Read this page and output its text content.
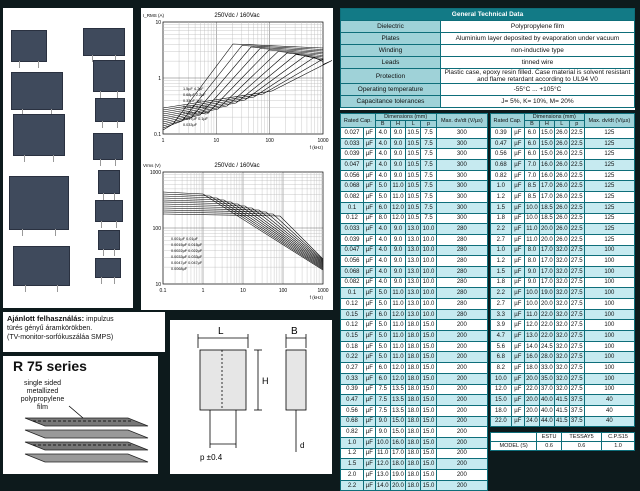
250Vdc / 160Vac
I_RMS (A)
10
1
0.1
1	10	100	1000
f (kHz)
1.5µF 4.7µF
0.68µF 2.2µF
0.33µF 1µF
0.15µF 0.47µF
0.068µF 0.22µF
0.047µF 0.1µF
0.033µF
250Vdc / 160Vac
Vrms (V)
1000
100
10
0.1	1	10	100	1000
f (kHz)
0.001µF 0.01µF
0.0015µF 0.015µF
0.0022µF 0.022µF
0.0033µF 0.033µF
0.0047µF 0.047µF
0.0068µF
Ajánlott felhasználás: impulzus
türés gényű áramkörökben.
(TV-monitor-sorfókuszáláa SMPS)
R 75 series
single sided
metallized
polypropylene
film
L	B
H
p ±0.4
d
General Technical Data	
Dielectric	Polypropylene film
Plates	Aluminium layer deposited by evaporation under vacuum
Winding	non-inductive type
Leads	tinned wire
Protection	Plastic case, epoxy resin filled. Case material is solvent resistant and flame retardant according to UL94 V0
Operating temperature	-55°C ... +105°C
Capacitance tolerances	J= 5%, K= 10%, M= 20%
Rated Cap.		Dimensions (mm)				Max. dv/dt (V/µs)
		B	H	L	p	
0.027	µF	4.0	9.0	10.5	7.5	300
0.033	µF	4.0	9.0	10.5	7.5	300
0.039	µF	4.0	9.0	10.5	7.5	300
0.047	µF	4.0	9.0	10.5	7.5	300
0.056	µF	4.0	9.0	10.5	7.5	300
0.068	µF	5.0	11.0	10.5	7.5	300
0.082	µF	5.0	11.0	10.5	7.5	300
0.1	µF	6.0	12.0	10.5	7.5	300
0.12	µF	8.0	12.0	10.5	7.5	300
0.033	µF	4.0	9.0	13.0	10.0	280
0.039	µF	4.0	9.0	13.0	10.0	280
0.047	µF	4.0	9.0	13.0	10.0	280
0.056	µF	4.0	9.0	13.0	10.0	280
0.068	µF	4.0	9.0	13.0	10.0	280
0.082	µF	4.0	9.0	13.0	10.0	280
0.1	µF	5.0	11.0	13.0	10.0	280
0.12	µF	5.0	11.0	13.0	10.0	280
0.15	µF	6.0	12.0	13.0	10.0	280
0.12	µF	5.0	11.0	18.0	15.0	200
0.15	µF	5.0	11.0	18.0	15.0	200
0.18	µF	5.0	11.0	18.0	15.0	200
0.22	µF	5.0	11.0	18.0	15.0	200
0.27	µF	6.0	12.0	18.0	15.0	200
0.33	µF	6.0	12.0	18.0	15.0	200
0.39	µF	7.5	13.5	18.0	15.0	200
0.47	µF	7.5	13.5	18.0	15.0	200
0.56	µF	7.5	13.5	18.0	15.0	200
0.68	µF	9.0	15.0	18.0	15.0	200
0.82	µF	9.0	15.0	18.0	15.0	200
1.0	µF	10.0	16.0	18.0	15.0	200
1.2	µF	11.0	17.0	18.0	15.0	200
1.5	µF	12.0	18.0	18.0	15.0	200
2.0	µF	13.0	19.0	18.0	15.0	200
2.2	µF	14.0	20.0	18.0	15.0	200
Rated Cap.		Dimensions (mm)				Max. dv/dt (V/µs)
		B	H	L	p	
0.39	µF	6.0	15.0	26.0	22.5	125
0.47	µF	6.0	15.0	26.0	22.5	125
0.56	µF	6.0	15.0	26.0	22.5	125
0.68	µF	7.0	16.0	26.0	22.5	125
0.82	µF	7.0	16.0	26.0	22.5	125
1.0	µF	8.5	17.0	26.0	22.5	125
1.2	µF	8.5	17.0	26.0	22.5	125
1.5	µF	10.0	18.5	26.0	22.5	125
1.8	µF	10.0	18.5	26.0	22.5	125
2.2	µF	11.0	20.0	26.0	22.5	125
2.7	µF	11.0	20.0	26.0	22.5	125
1.0	µF	8.0	17.0	32.0	27.5	100
1.2	µF	8.0	17.0	32.0	27.5	100
1.5	µF	9.0	17.0	32.0	27.5	100
1.8	µF	9.0	17.0	32.0	27.5	100
2.2	µF	10.0	19.0	32.0	27.5	100
2.7	µF	10.0	20.0	32.0	27.5	100
3.3	µF	11.0	22.0	32.0	27.5	100
3.9	µF	12.0	22.0	32.0	27.5	100
4.7	µF	13.0	22.0	32.0	27.5	100
5.6	µF	14.0	24.5	32.0	27.5	100
6.8	µF	16.0	28.0	32.0	27.5	100
8.2	µF	18.0	33.0	32.0	27.5	100
10.0	µF	20.0	35.0	32.0	27.5	100
12.0	µF	22.0	37.0	32.0	27.5	100
15.0	µF	20.0	40.0	41.5	37.5	40
18.0	µF	20.0	40.0	41.5	37.5	40
22.0	µF	24.0	44.0	41.5	37.5	40
	ESTU	TESSAY5	C.P.S15
MODEL (S)	0.6	0.6	1.0
